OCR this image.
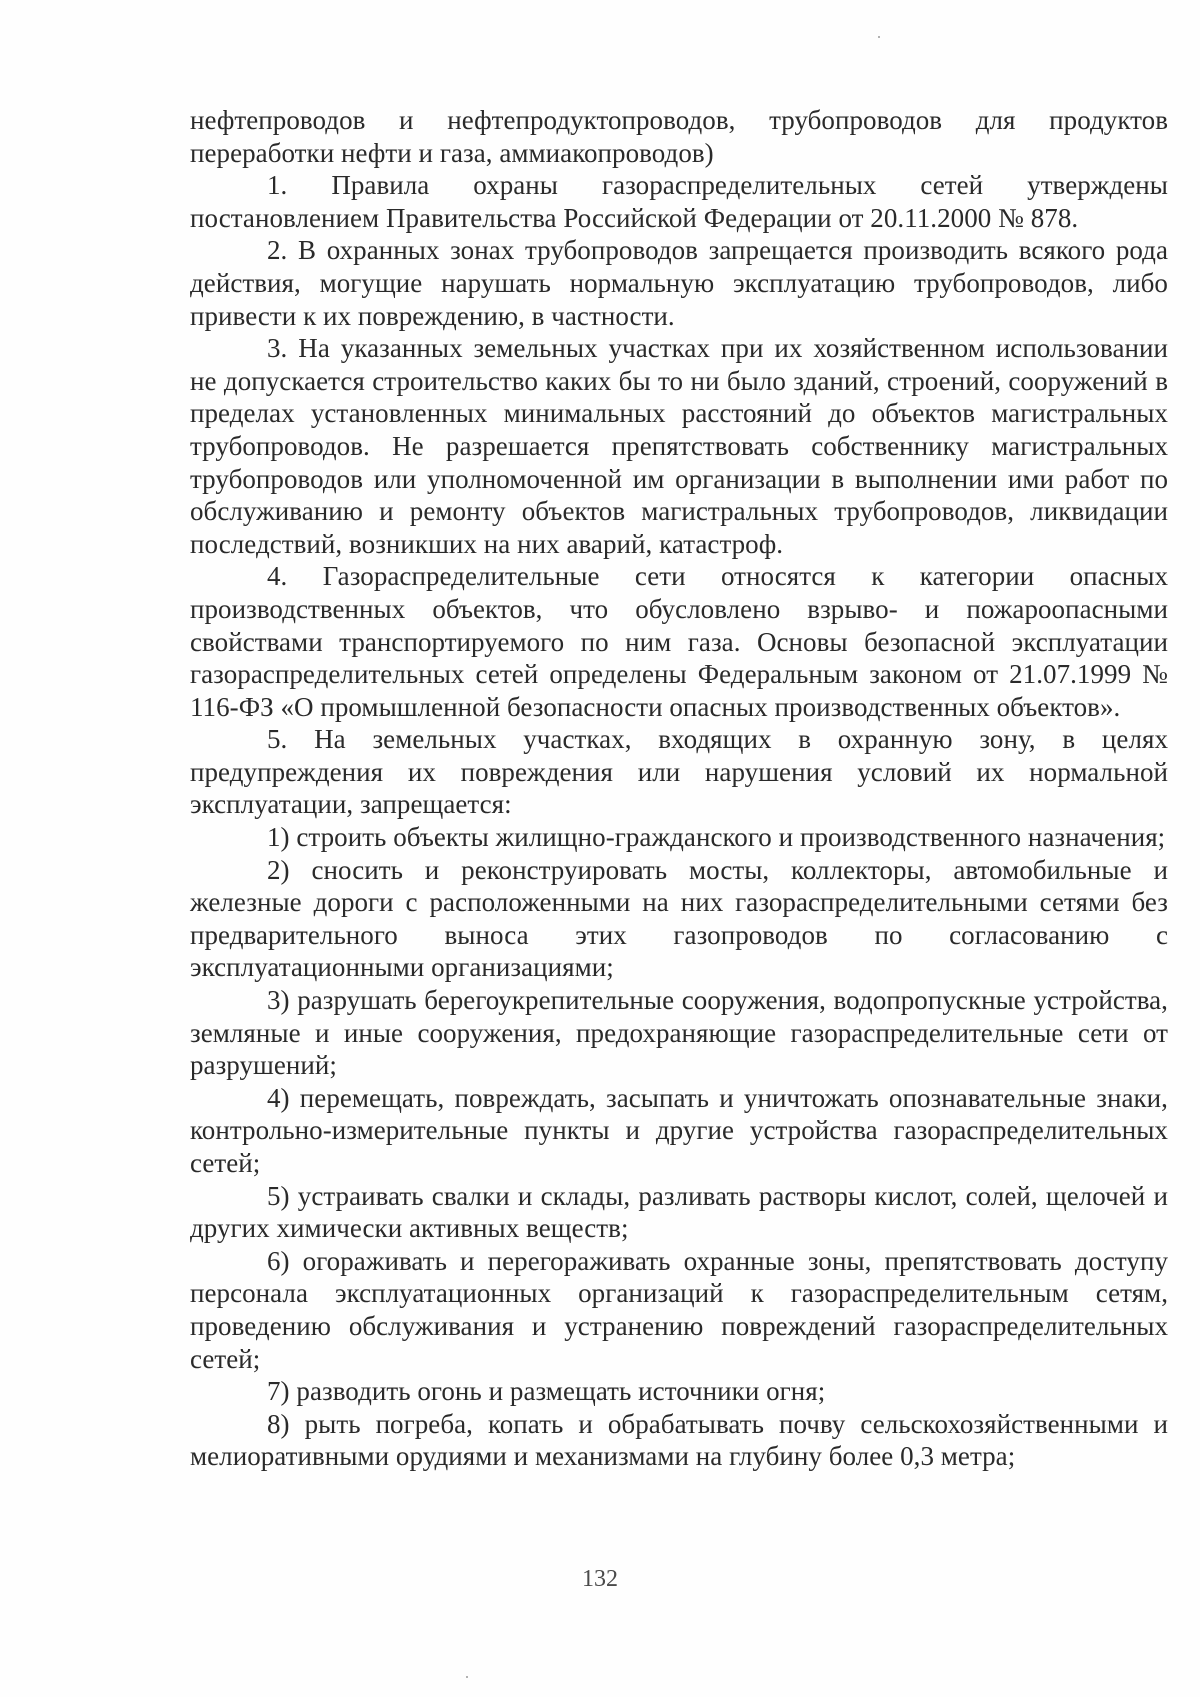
нефтепроводов и нефтепродуктопроводов, трубопроводов для продуктов переработки нефти и газа, аммиакопроводов)

1. Правила охраны газораспределительных сетей утверждены постановлением Правительства Российской Федерации от 20.11.2000 № 878.

2. В охранных зонах трубопроводов запрещается производить всякого рода действия, могущие нарушать нормальную эксплуатацию трубопроводов, либо привести к их повреждению, в частности.

3. На указанных земельных участках при их хозяйственном использовании не допускается строительство каких бы то ни было зданий, строений, сооружений в пределах установленных минимальных расстояний до объектов магистральных трубопроводов. Не разрешается препятствовать собственнику магистральных трубопроводов или уполномоченной им организации в выполнении ими работ по обслуживанию и ремонту объектов магистральных трубопроводов, ликвидации последствий, возникших на них аварий, катастроф.

4. Газораспределительные сети относятся к категории опасных производственных объектов, что обусловлено взрыво- и пожароопасными свойствами транспортируемого по ним газа. Основы безопасной эксплуатации газораспределительных сетей определены Федеральным законом от 21.07.1999 № 116-ФЗ «О промышленной безопасности опасных производственных объектов».

5. На земельных участках, входящих в охранную зону, в целях предупреждения их повреждения или нарушения условий их нормальной эксплуатации, запрещается:

1) строить объекты жилищно-гражданского и производственного назначения;

2) сносить и реконструировать мосты, коллекторы, автомобильные и железные дороги с расположенными на них газораспределительными сетями без предварительного выноса этих газопроводов по согласованию с эксплуатационными организациями;

3) разрушать берегоукрепительные сооружения, водопропускные устройства, земляные и иные сооружения, предохраняющие газораспределительные сети от разрушений;

4) перемещать, повреждать, засыпать и уничтожать опознавательные знаки, контрольно-измерительные пункты и другие устройства газораспределительных сетей;

5) устраивать свалки и склады, разливать растворы кислот, солей, щелочей и других химически активных веществ;

6) огораживать и перегораживать охранные зоны, препятствовать доступу персонала эксплуатационных организаций к газораспределительным сетям, проведению обслуживания и устранению повреждений газораспределительных сетей;

7) разводить огонь и размещать источники огня;

8) рыть погреба, копать и обрабатывать почву сельскохозяйственными и мелиоративными орудиями и механизмами на глубину более 0,3 метра;

132
